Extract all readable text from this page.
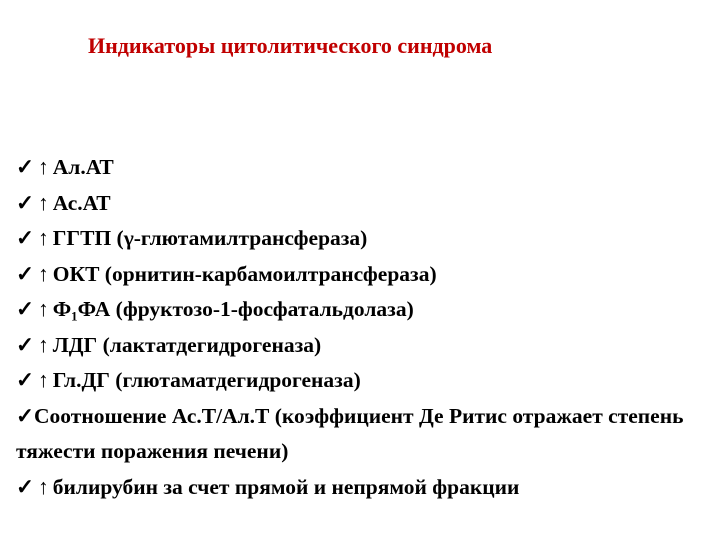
Индикаторы цитолитического синдрома
✓ ↑ Ал.АТ
✓ ↑ Ас.АТ
✓ ↑ ГГТП (γ-глютамилтрансфераза)
✓ ↑ ОКТ (орнитин-карбамоилтрансфераза)
✓ ↑ Ф₁ФА (фруктозо-1-фосфатальдолаза)
✓ ↑ ЛДГ (лактатдегидрогеназа)
✓ ↑ Гл.ДГ (глютаматдегидрогеназа)
✓Соотношение Ас.Т/Ал.Т (коэффициент Де Ритис отражает степень тяжести поражения печени)
✓ ↑ билирубин за счет прямой и непрямой фракции
